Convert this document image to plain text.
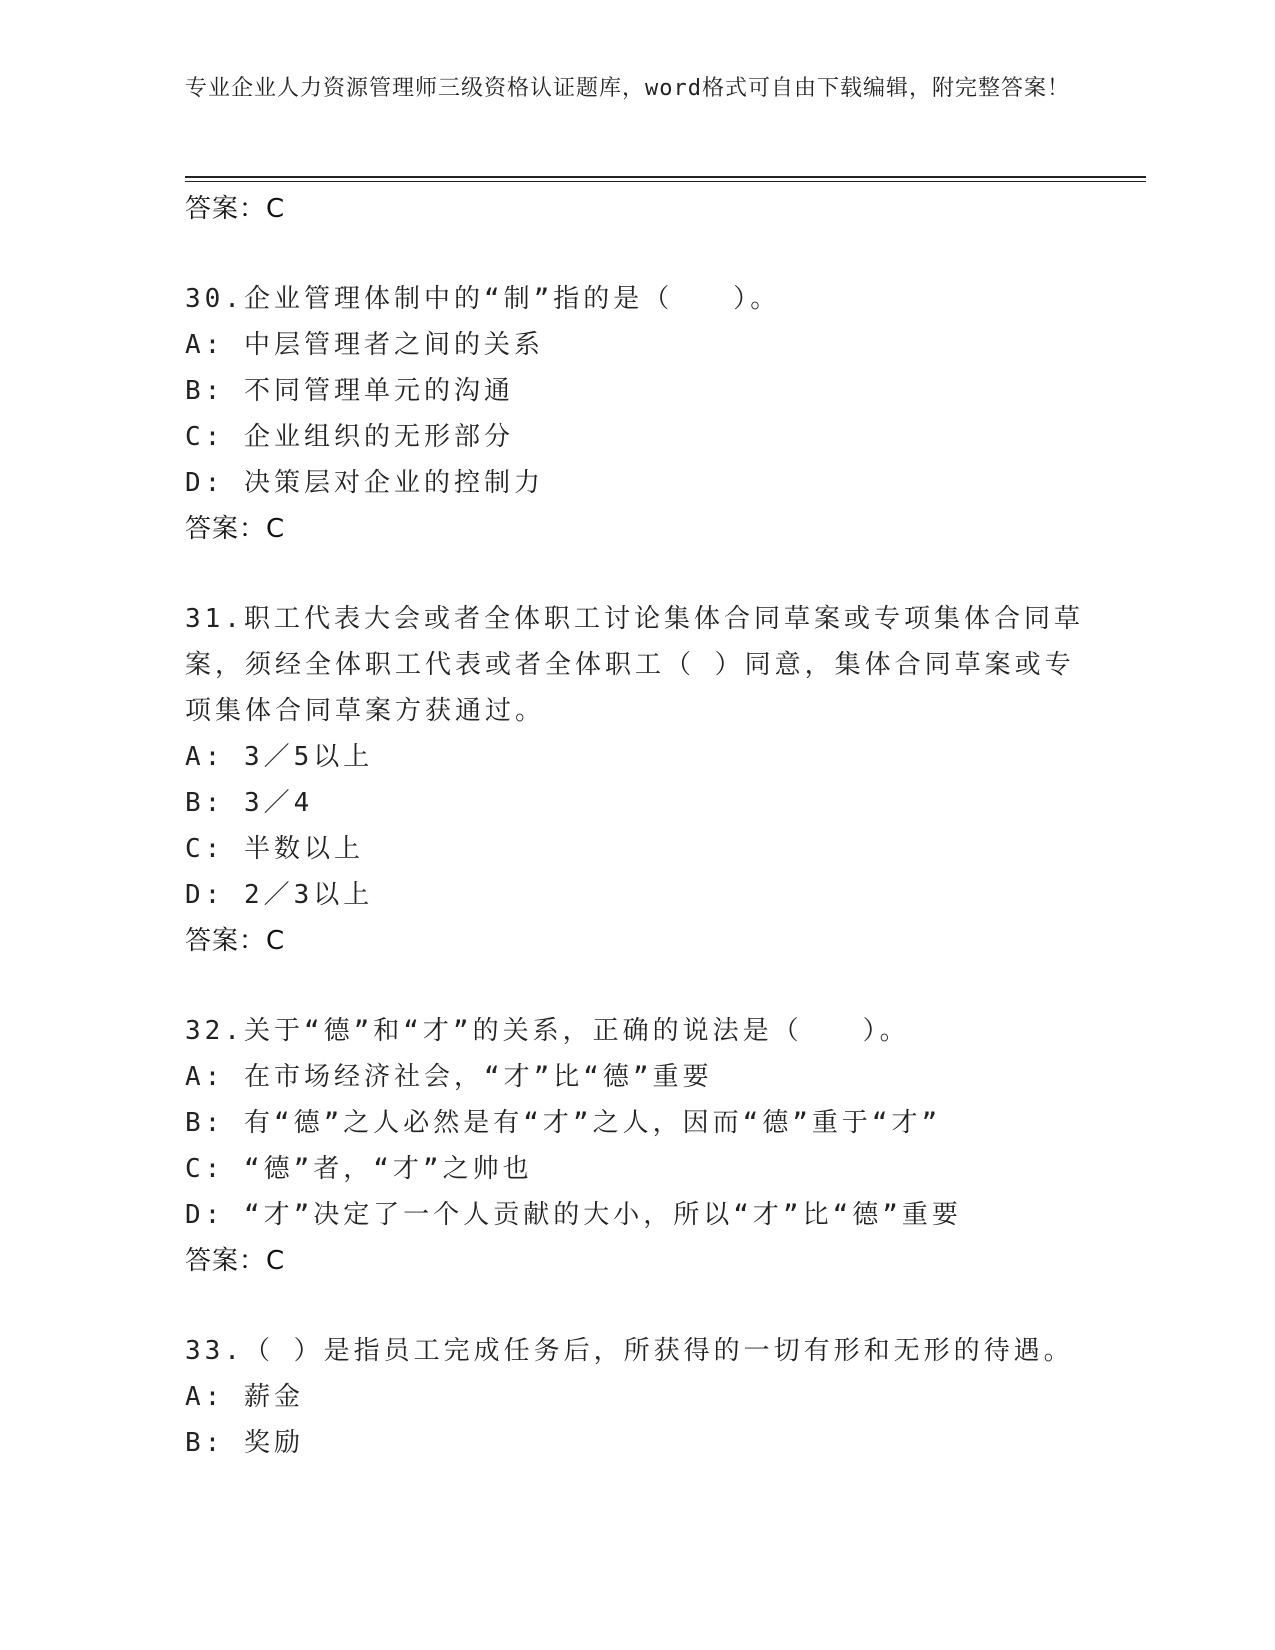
专业企业人力资源管理师三级资格认证题库，word格式可自由下载编辑，附完整答案！
答案：C
30.企业管理体制中的“制”指的是（　　）。
A: 中层管理者之间的关系
B: 不同管理单元的沟通
C: 企业组织的无形部分
D: 决策层对企业的控制力
答案：C
31.职工代表大会或者全体职工讨论集体合同草案或专项集体合同草案，须经全体职工代表或者全体职工（ ）同意，集体合同草案或专项集体合同草案方获通过。
A: 3／5以上
B: 3／4
C: 半数以上
D: 2／3以上
答案：C
32.关于“德”和“才”的关系，正确的说法是（　　）。
A: 在市场经济社会，“才”比“德”重要
B: 有“德”之人必然是有“才”之人，因而“德”重于“才”
C: “德”者，“才”之帅也
D: “才”决定了一个人贡献的大小，所以“才”比“德”重要
答案：C
33.（ ）是指员工完成任务后，所获得的一切有形和无形的待遇。
A: 薪金
B: 奖励
